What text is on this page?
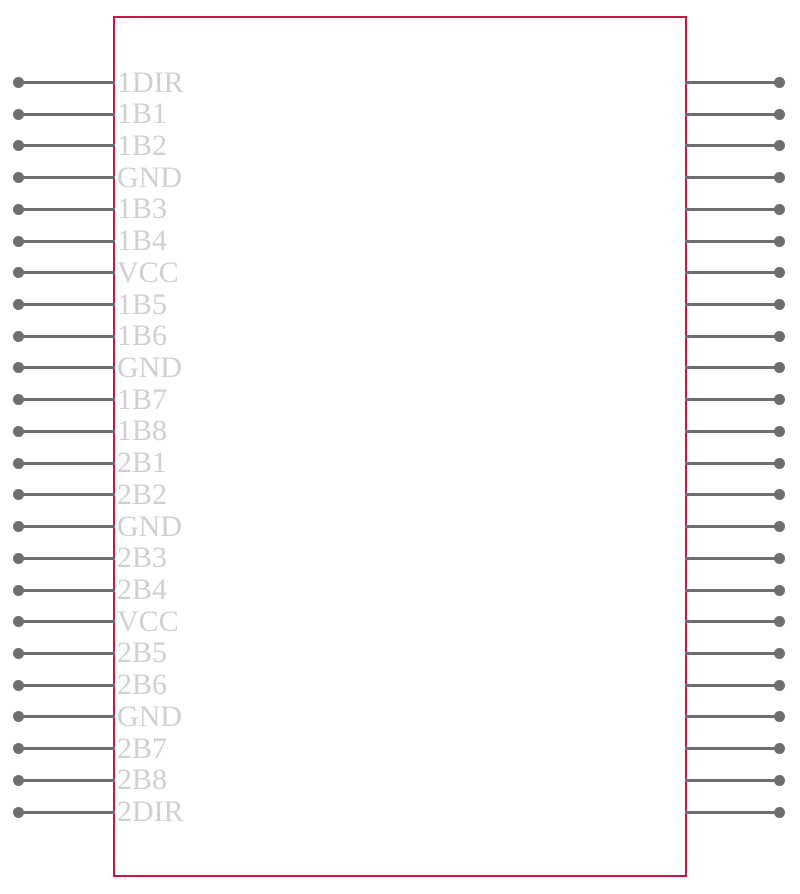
1DIR
1B1
1B2
GND
1B3
1B4
VCC
1B5
1B6
GND
1B7
1B8
2B1
2B2
GND
2B3
2B4
VCC
2B5
2B6
GND
2B7
2B8
2DIR
